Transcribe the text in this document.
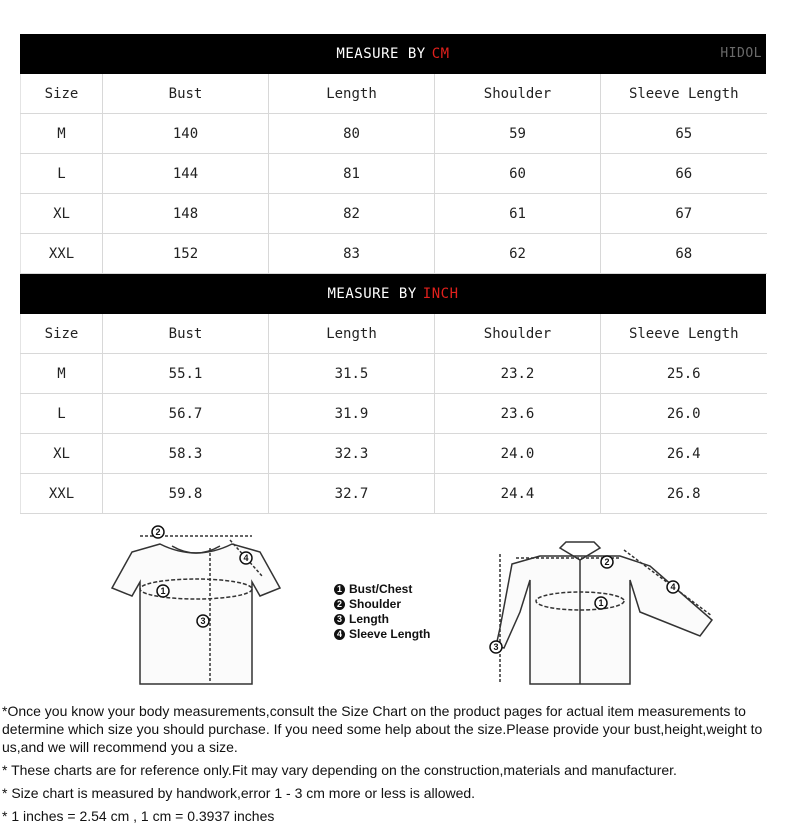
MEASURE BY CM	HIDOL
Size	Bust	Length	Shoulder	Sleeve Length
M	140	80	59	65
L	144	81	60	66
XL	148	82	61	67
XXL	152	83	62	68
MEASURE BY INCH
Size	Bust	Length	Shoulder	Sleeve Length
M	55.1	31.5	23.2	25.6
L	56.7	31.9	23.6	26.0
XL	58.3	32.3	24.0	26.4
XXL	59.8	32.7	24.4	26.8
2
1
3
4	2
1
3
4
1 Bust/Chest
2 Shoulder
3 Length
4 Sleeve Length

*Once you know your body measurements,consult the Size Chart on the product pages for actual item measurements to determine which size you should purchase. If you need some help about the size.Please provide your bust,height,weight to us,and we will recommend you a size.

* These charts are for reference only.Fit may vary depending on the construction,materials and manufacturer.

* Size chart is measured by handwork,error 1 - 3 cm more or less is allowed.

* 1 inches = 2.54 cm , 1 cm = 0.3937 inches
